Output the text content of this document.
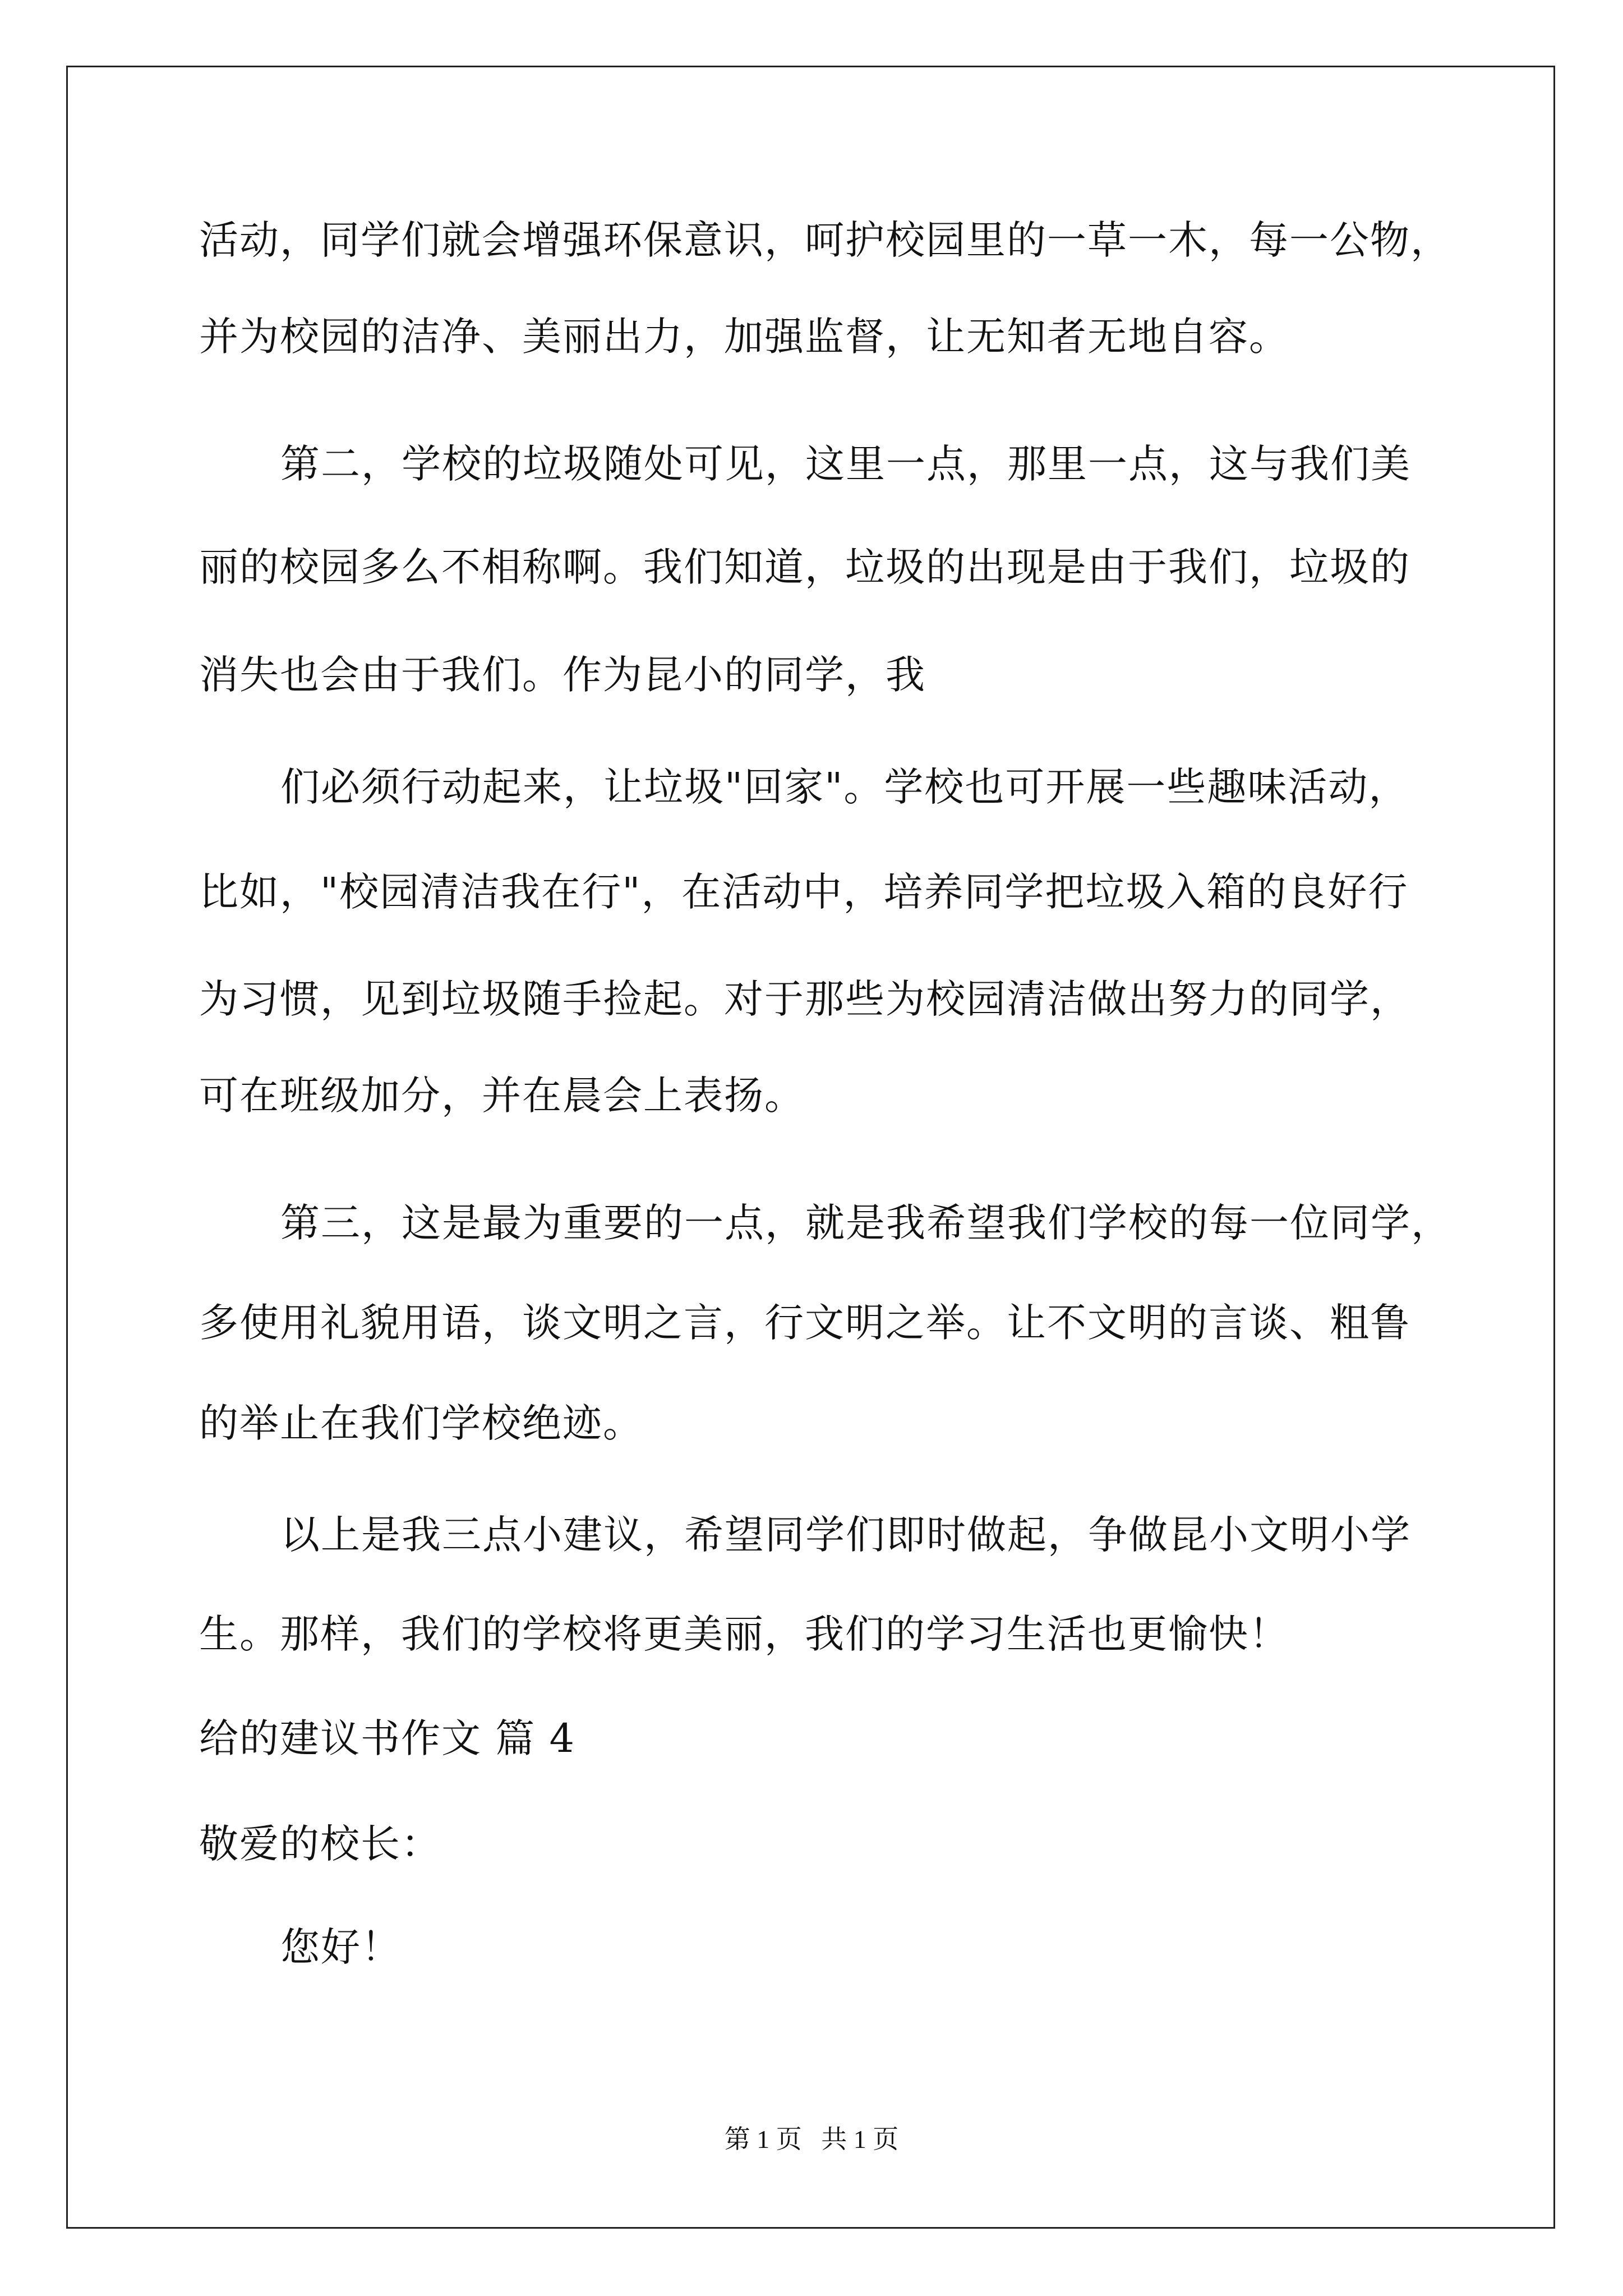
活动，同学们就会增强环保意识，呵护校园里的一草一木，每一公物，

并为校园的洁净、美丽出力，加强监督，让无知者无地自容。

第二，学校的垃圾随处可见，这里一点，那里一点，这与我们美

丽的校园多么不相称啊。我们知道，垃圾的出现是由于我们，垃圾的

消失也会由于我们。作为昆小的同学，我

们必须行动起来，让垃圾"回家"。学校也可开展一些趣味活动，

比如，"校园清洁我在行"，在活动中，培养同学把垃圾入箱的良好行

为习惯，见到垃圾随手捡起。对于那些为校园清洁做出努力的同学，

可在班级加分，并在晨会上表扬。

第三，这是最为重要的一点，就是我希望我们学校的每一位同学，

多使用礼貌用语，谈文明之言，行文明之举。让不文明的言谈、粗鲁

的举止在我们学校绝迹。

以上是我三点小建议，希望同学们即时做起，争做昆小文明小学

生。那样，我们的学校将更美丽，我们的学习生活也更愉快！

给的建议书作文 篇 4

敬爱的校长：

您好！

第 1 页   共 1 页
